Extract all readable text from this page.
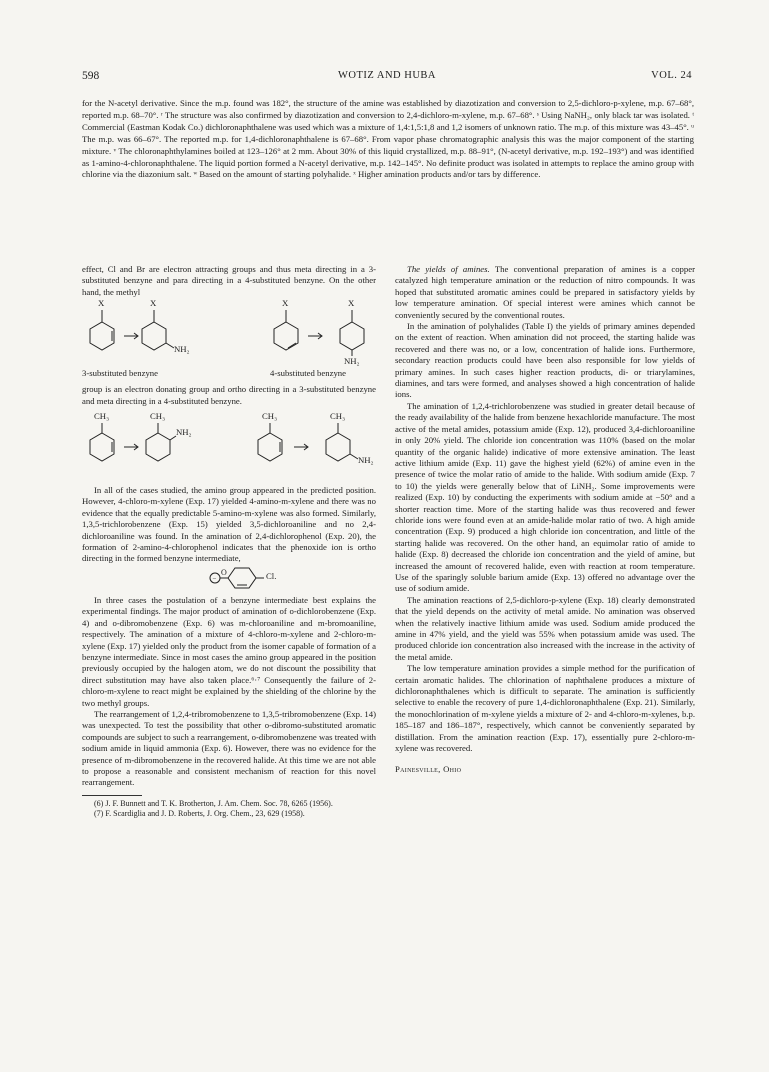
598	WOTIZ AND HUBA	VOL. 24
for the N-acetyl derivative. Since the m.p. found was 182°, the structure of the amine was established by diazotization and conversion to 2,5-dichloro-p-xylene, m.p. 67–68°, reported m.p. 68–70°. ʳ The structure was also confirmed by diazotization and conversion to 2,4-dichloro-m-xylene, m.p. 67–68°. ˢ Using NaNH₂, only black tar was isolated. ᵗ Commercial (Eastman Kodak Co.) dichloronaphthalene was used which was a mixture of 1,4:1,5:1,8 and 1,2 isomers of unknown ratio. The m.p. of this mixture was 43–45°. ᵘ The m.p. was 66–67°. The reported m.p. for 1,4-dichloronaphthalene is 67–68°. From vapor phase chromatographic analysis this was the major component of the starting mixture. ᵛ The chloronaphthylamines boiled at 123–126° at 2 mm. About 30% of this liquid crystallized, m.p. 88–91°, (N-acetyl derivative, m.p. 192–193°) and was identified as 1-amino-4-chloronaphthalene. The liquid portion formed a N-acetyl derivative, m.p. 142–145°. No definite product was isolated in attempts to replace the amino group with chlorine via the diazonium salt. ʷ Based on the amount of starting polyhalide. ˣ Higher amination products and/or tars by difference.

effect, Cl and Br are electron attracting groups and thus meta directing in a 3-substituted benzyne and para directing in a 4-substituted benzyne. On the other hand, the methyl

X	X
NH₂
X	X
NH₂
3-substituted benzyne	4-substituted benzyne

group is an electron donating group and ortho directing in a 3-substituted benzyne and meta directing in a 4-substituted benzyne.

CH₃	CH₃
NH₂
CH₃	CH₃
NH₂

In all of the cases studied, the amino group appeared in the predicted position. However, 4-chloro-m-xylene (Exp. 17) yielded 4-amino-m-xylene and there was no evidence that the equally predictable 5-amino-m-xylene was also formed. Similarly, 1,3,5-trichlorobenzene (Exp. 15) yielded 3,5-dichloroaniline and no 2,4-dichloroaniline was found. In the amination of 2,4-dichlorophenol (Exp. 20), the formation of 2-amino-4-chlorophenol indicates that the phenoxide ion is ortho directing in the formed benzyne intermediate,

−
O	Cl.

In three cases the postulation of a benzyne intermediate best explains the experimental findings. The major product of amination of o-dichlorobenzene (Exp. 4) and o-dibromobenzene (Exp. 6) was m-chloroaniline and m-bromoaniline, respectively. The amination of a mixture of 4-chloro-m-xylene and 2-chloro-m-xylene (Exp. 17) yielded only the product from the isomer capable of formation of a benzyne intermediate. Since in most cases the amino group appeared in the position previously occupied by the halogen atom, we do not discount the possibility that direct substitution may have also taken place.⁶·⁷ Consequently the failure of 2-chloro-m-xylene to react might be explained by the shielding of the chlorine by the two methyl groups.

The rearrangement of 1,2,4-tribromobenzene to 1,3,5-tribromobenzene (Exp. 14) was unexpected. To test the possibility that other o-dibromo-substituted aromatic compounds are subject to such a rearrangement, o-dibromobenzene was treated with sodium amide in liquid ammonia (Exp. 6). However, there was no evidence for the presence of m-dibromobenzene in the recovered halide. At this time we are not able to propose a reasonable and consistent mechanism of reaction for this novel rearrangement.

(6) J. F. Bunnett and T. K. Brotherton, J. Am. Chem. Soc. 78, 6265 (1956).

(7) F. Scardiglia and J. D. Roberts, J. Org. Chem., 23, 629 (1958).

The yields of amines. The conventional preparation of amines is a copper catalyzed high temperature amination or the reduction of nitro compounds. It was hoped that substituted aromatic amines could be prepared in satisfactory yields by low temperature amination. Of special interest were amines which cannot be conveniently secured by the conventional routes.

In the amination of polyhalides (Table I) the yields of primary amines depended on the extent of reaction. When amination did not proceed, the starting halide was recovered and there was no, or a low, concentration of halide ions. Furthermore, secondary reaction products could have been also responsible for low yields of primary amines. In such cases higher reaction products, di- or triarylamines, diamines, and tars were formed, and analyses showed a high concentration of halide ions.

The amination of 1,2,4-trichlorobenzene was studied in greater detail because of the ready availability of the halide from benzene hexachloride manufacture. The most active of the metal amides, potassium amide (Exp. 12), produced 3,4-dichloroaniline in only 20% yield. The chloride ion concentration was 110% (based on the molar quantity of the organic halide) indicative of more extensive amination. The least active lithium amide (Exp. 11) gave the highest yield (62%) of amine even in the presence of twice the molar ratio of amide to the halide. With sodium amide (Exp. 7 to 10) the yields were generally below that of LiNH₂. Some improvements were realized (Exp. 10) by conducting the experiments with sodium amide at −50° and a shorter reaction time. More of the starting halide was thus recovered and fewer chloride ions were found even at an amide-halide molar ratio of two. A high amide concentration (Exp. 9) produced a high chloride ion concentration, and little of the starting halide was recovered. On the other hand, an equimolar ratio of amide to halide (Exp. 8) decreased the chloride ion concentration and the yield of amine, but increased the amount of recovered halide, even with reaction at room temperature. Use of the sparingly soluble barium amide (Exp. 13) offered no advantage over the use of sodium amide.

The amination reactions of 2,5-dichloro-p-xylene (Exp. 18) clearly demonstrated that the yield depends on the activity of metal amide. No amination was observed when the relatively inactive lithium amide was used. Sodium amide produced the amine in 47% yield, and the yield was 55% when potassium amide was used. The produced chloride ion concentration also increased with the increase in the activity of the metal amide.

The low temperature amination provides a simple method for the purification of certain aromatic halides. The chlorination of naphthalene produces a mixture of dichloronaphthalenes which is difficult to separate. The amination is sufficiently selective to enable the recovery of pure 1,4-dichloronaphthalene (Exp. 21). Similarly, the monochlorination of m-xylene yields a mixture of 2- and 4-chloro-m-xylenes, b.p. 185–187 and 186–187°, respectively, which cannot be conveniently separated by distillation. From the amination reaction (Exp. 17), essentially pure 2-chloro-m-xylene was recovered.

Painesville, Ohio
